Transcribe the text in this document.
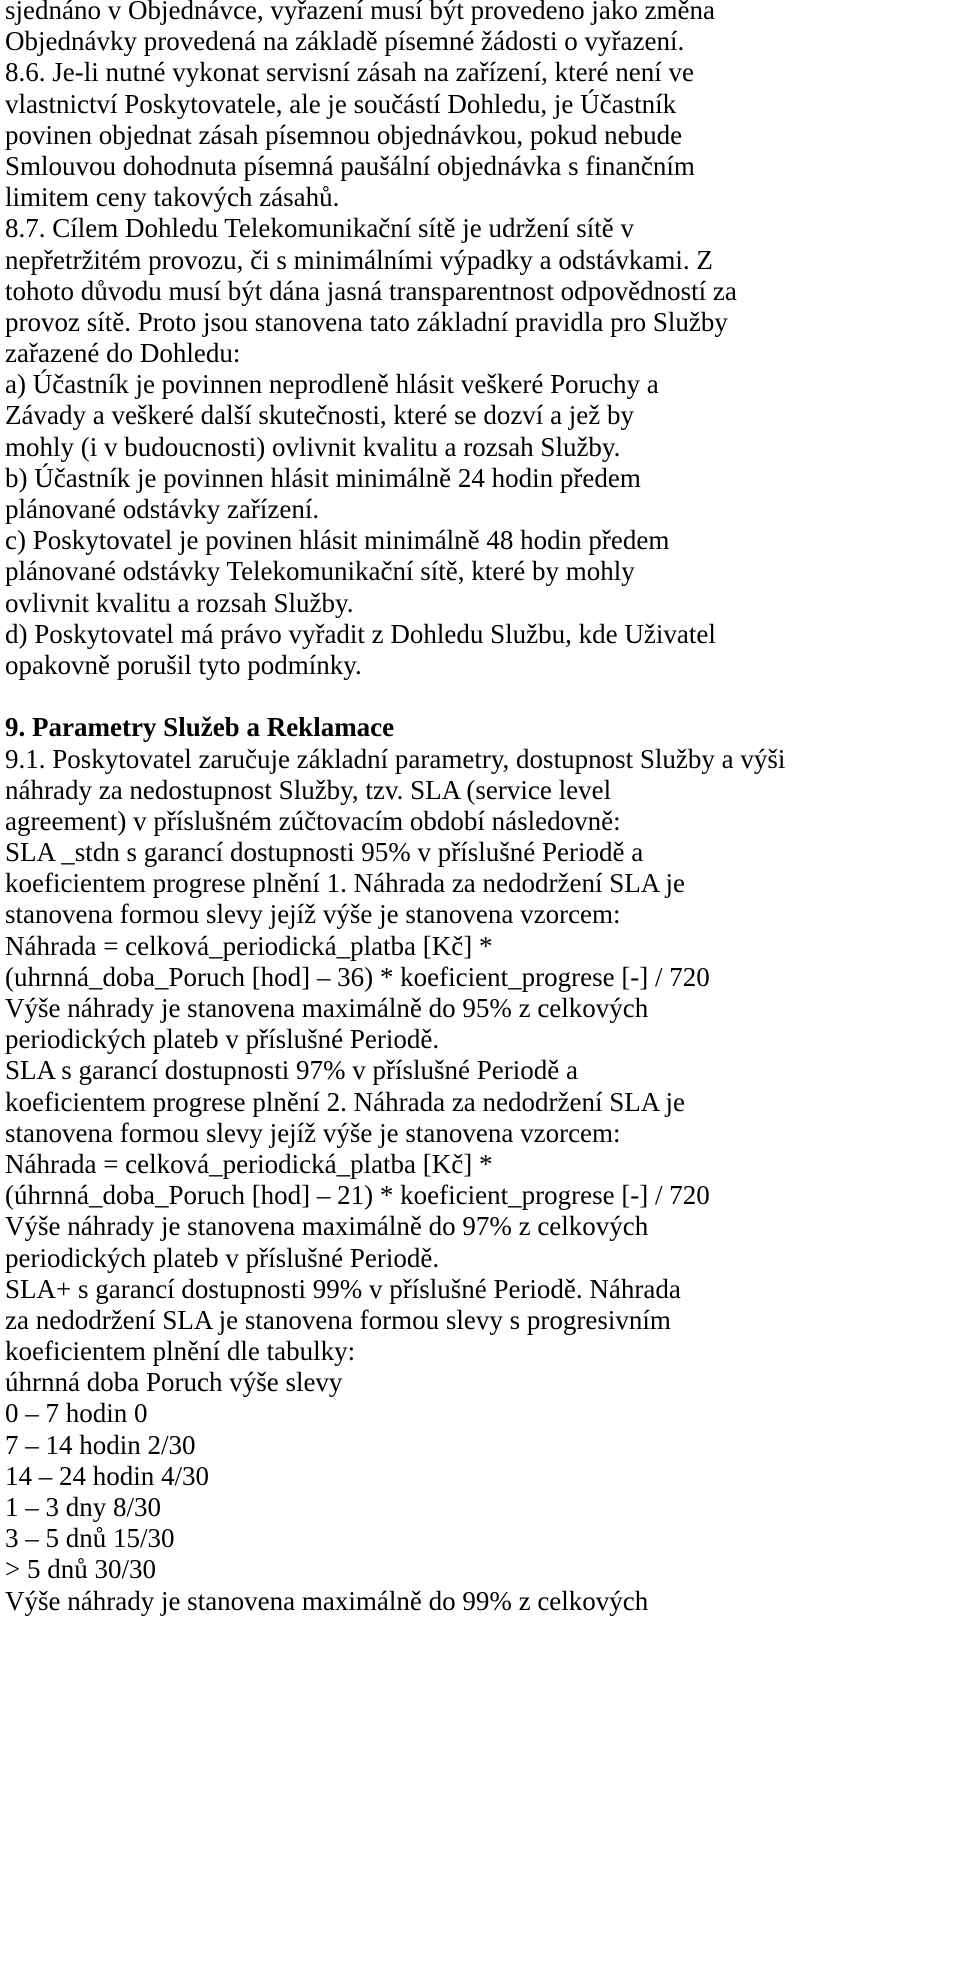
sjednáno v Objednávce, vyřazení musí být provedeno jako změna
Objednávky provedená na základě písemné žádosti o vyřazení.
8.6. Je-li nutné vykonat servisní zásah na zařízení, které není ve
vlastnictví Poskytovatele, ale je součástí Dohledu, je Účastník
povinen objednat zásah písemnou objednávkou, pokud nebude
Smlouvou dohodnuta písemná paušální objednávka s finančním
limitem ceny takových zásahů.
8.7. Cílem Dohledu Telekomunikační sítě je udržení sítě v
nepřetržitém provozu, či s minimálními výpadky a odstávkami. Z
tohoto důvodu musí být dána jasná transparentnost odpovědností za
provoz sítě. Proto jsou stanovena tato základní pravidla pro Služby
zařazené do Dohledu:
a) Účastník je povinnen neprodleně hlásit veškeré Poruchy a
Závady a veškeré další skutečnosti, které se dozví a jež by
mohly (i v budoucnosti) ovlivnit kvalitu a rozsah Služby.
b) Účastník je povinnen hlásit minimálně 24 hodin předem
plánované odstávky zařízení.
c) Poskytovatel je povinen hlásit minimálně 48 hodin předem
plánované odstávky Telekomunikační sítě, které by mohly
ovlivnit kvalitu a rozsah Služby.
d) Poskytovatel má právo vyřadit z Dohledu Službu, kde Uživatel
opakovně porušil tyto podmínky.
9. Parametry Služeb a Reklamace
9.1. Poskytovatel zaručuje základní parametry, dostupnost Služby a výši
náhrady za nedostupnost Služby, tzv. SLA (service level
agreement) v příslušném zúčtovacím období následovně:
SLA _stdn s garancí dostupnosti 95% v příslušné Periodě a
koeficientem progrese plnění 1. Náhrada za nedodržení SLA je
stanovena formou slevy jejíž výše je stanovena vzorcem:
Náhrada = celková_periodická_platba [Kč] *
(uhrnná_doba_Poruch [hod] – 36) * koeficient_progrese [-] / 720
Výše náhrady je stanovena maximálně do 95% z celkových
periodických plateb v příslušné Periodě.
SLA s garancí dostupnosti 97% v příslušné Periodě a
koeficientem progrese plnění 2. Náhrada za nedodržení SLA je
stanovena formou slevy jejíž výše je stanovena vzorcem:
Náhrada = celková_periodická_platba [Kč] *
(úhrnná_doba_Poruch [hod] – 21) * koeficient_progrese [-] / 720
Výše náhrady je stanovena maximálně do 97% z celkových
periodických plateb v příslušné Periodě.
SLA+ s garancí dostupnosti 99% v příslušné Periodě. Náhrada
za nedodržení SLA je stanovena formou slevy s progresivním
koeficientem plnění dle tabulky:
úhrnná doba Poruch výše slevy
0 – 7 hodin 0
7 – 14 hodin 2/30
14 – 24 hodin 4/30
1 – 3 dny 8/30
3 – 5 dnů 15/30
> 5 dnů 30/30
Výše náhrady je stanovena maximálně do 99% z celkových
